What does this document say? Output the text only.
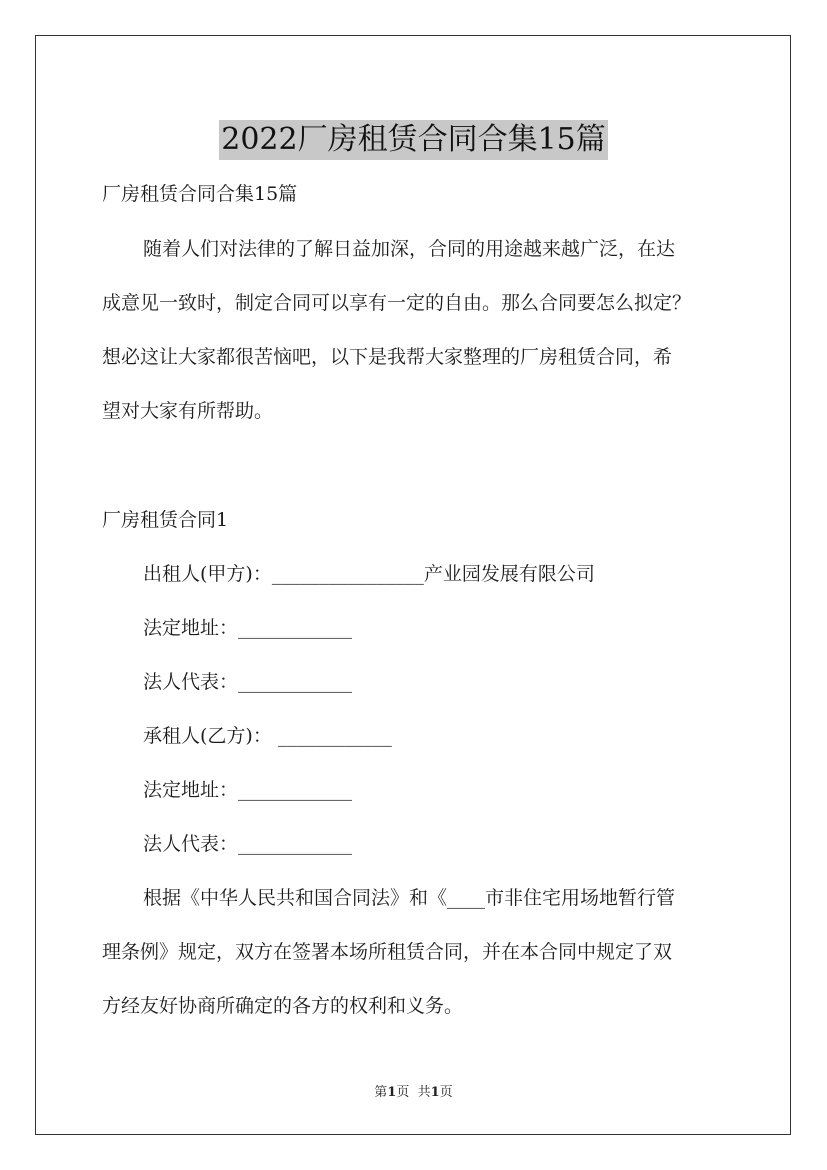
2022厂房租赁合同合集15篇
厂房租赁合同合集15篇
随着人们对法律的了解日益加深，合同的用途越来越广泛，在达
成意见一致时，制定合同可以享有一定的自由。那么合同要怎么拟定？
想必这让大家都很苦恼吧，以下是我帮大家整理的厂房租赁合同，希
望对大家有所帮助。
厂房租赁合同1
出租人(甲方)：________________产业园发展有限公司
法定地址：____________
法人代表：____________
承租人(乙方)： ____________
法定地址：____________
法人代表：____________
根据《中华人民共和国合同法》和《____市非住宅用场地暂行管
理条例》规定，双方在签署本场所租赁合同，并在本合同中规定了双
方经友好协商所确定的各方的权利和义务。
第1页 共1页
